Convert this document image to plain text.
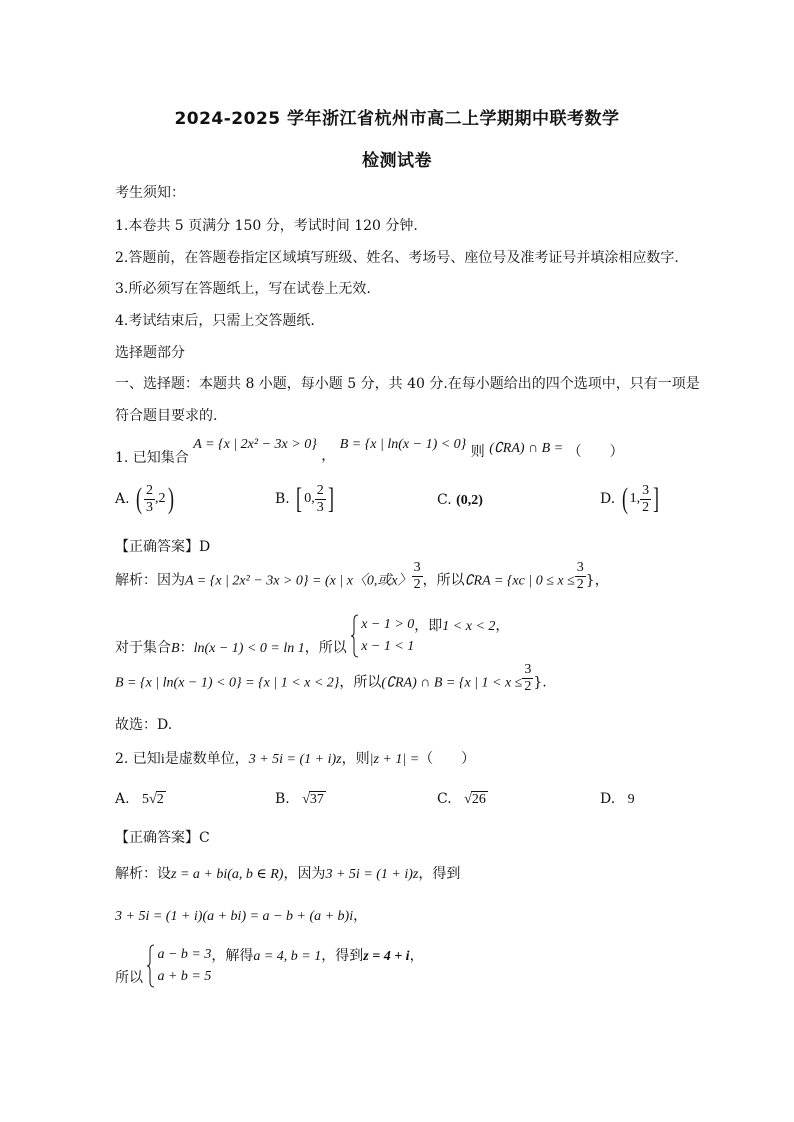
2024-2025 学年浙江省杭州市高二上学期期中联考数学
检测试卷
考生须知：
1.本卷共 5 页满分 150 分，考试时间 120 分钟.
2.答题前，在答题卷指定区域填写班级、姓名、考场号、座位号及准考证号并填涂相应数字.
3.所必须写在答题纸上，写在试卷上无效.
4.考试结束后，只需上交答题纸.
选择题部分
一、选择题：本题共 8 小题，每小题 5 分，共 40 分.在每小题给出的四个选项中，只有一项是
符合题目要求的.
1. 已知集合 A = {x | 2x² − 3x > 0} ， B = {x | ln(x − 1) < 0} 则 (∁RA) ∩ B = （　　）
A. ( $\frac{2}{3} ,2$)	B. [ 0, $\frac{2}{3}$ ]	C. (0,2)	D. ( 1, $\frac{3}{2}$ ]
【正确答案】D
解析：因为A = {x | 2x² − 3x > 0} = (x | x〈0,或x〉 $\frac{3}{2}$ ，所以∁RA = {xc | $0 \le x \le \frac{3}{2}$ }，
对于集合B：ln(x − 1) < 0 = ln 1，所以
x − 1 > 0
x − 1 < 1
，即1 < x < 2，
B = {x | ln(x − 1) < 0} = {x | 1 < x < 2}，所以(∁RA) ∩ B = {x | $1 < x \le \frac{3}{2}$ }.
故选：D.
2. 已知i是虚数单位，3 + 5i = (1 + i)z，则|z + 1| =（　　）
A. 5√2	B. √37	C. √26	D. 9
【正确答案】C
解析：设z = a + bi(a, b ∈ R)，因为3 + 5i = (1 + i)z，得到
3 + 5i = (1 + i)(a + bi) = a − b + (a + b)i，
所以
a − b = 3
a + b = 5
，解得a = 4, b = 1，得到z = 4 + i，
